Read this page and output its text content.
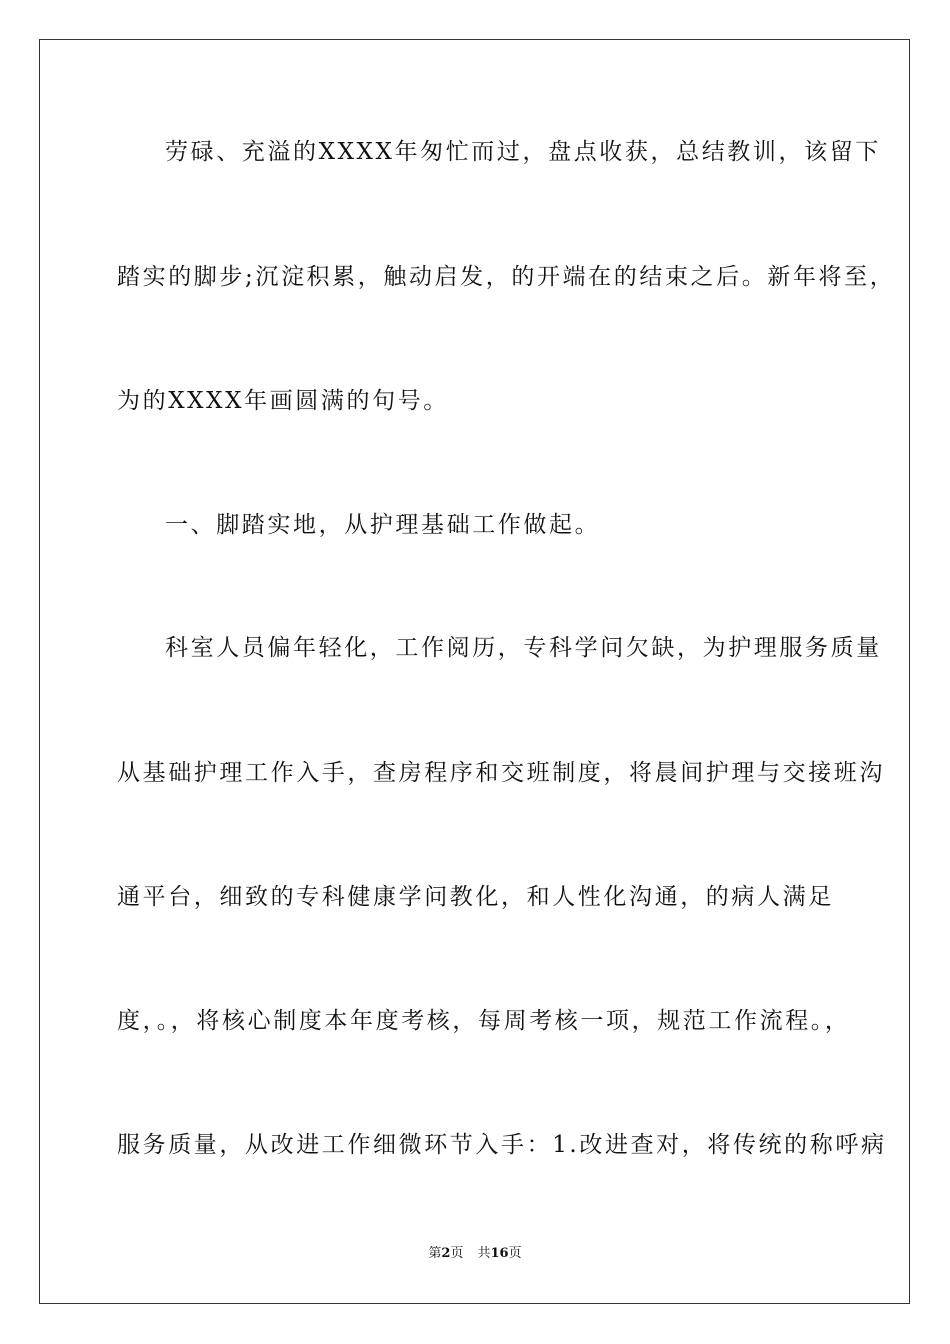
劳碌、充溢的XXXX年匆忙而过，盘点收获，总结教训，该留下
踏实的脚步;沉淀积累，触动启发，的开端在的结束之后。新年将至，
为的XXXX年画圆满的句号。
一、脚踏实地，从护理基础工作做起。
科室人员偏年轻化，工作阅历，专科学问欠缺，为护理服务质量
从基础护理工作入手，查房程序和交班制度，将晨间护理与交接班沟
通平台，细致的专科健康学问教化，和人性化沟通，的病人满足
度，。，将核心制度本年度考核，每周考核一项，规范工作流程。，
服务质量，从改进工作细微环节入手：1.改进查对，将传统的称呼病
第2页 共16页
